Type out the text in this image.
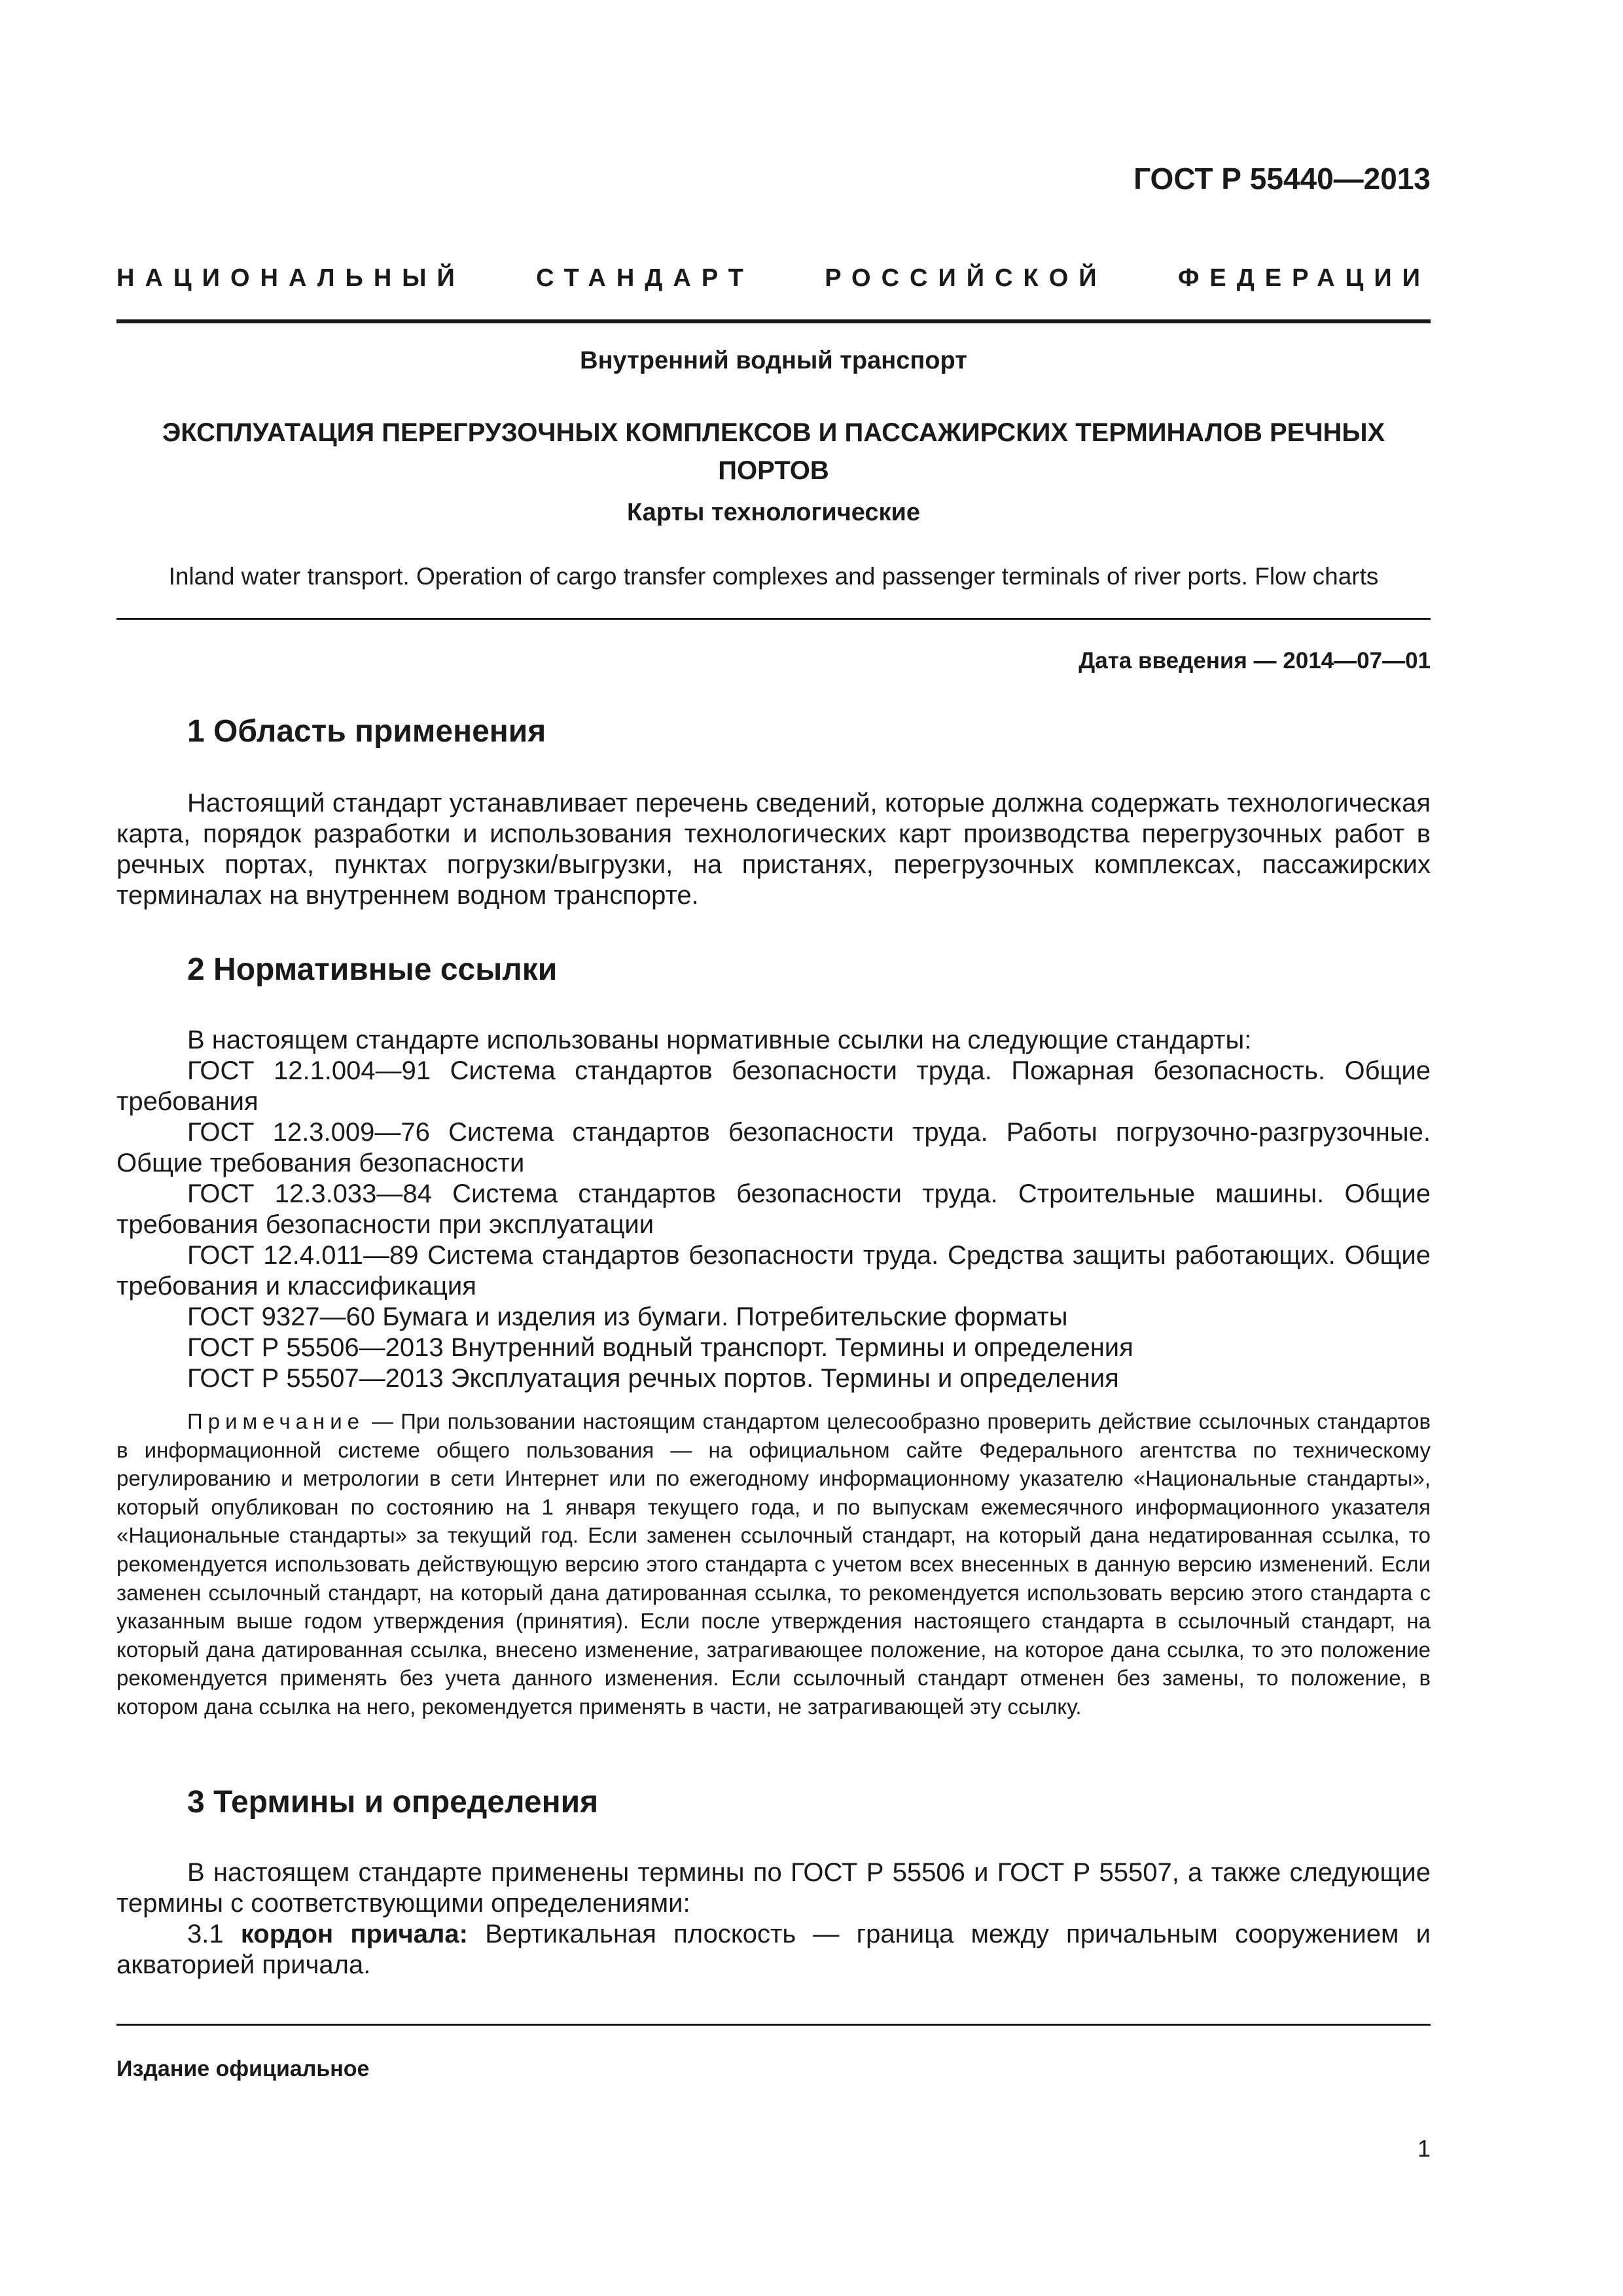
ГОСТ Р 55440—2013
НАЦИОНАЛЬНЫЙ	СТАНДАРТ	РОССИЙСКОЙ	ФЕДЕРАЦИИ
Внутренний водный транспорт
ЭКСПЛУАТАЦИЯ ПЕРЕГРУЗОЧНЫХ КОМПЛЕКСОВ И ПАССАЖИРСКИХ ТЕРМИНАЛОВ РЕЧНЫХ ПОРТОВ
Карты технологические
Inland water transport. Operation of cargo transfer complexes and passenger terminals of river ports. Flow charts
Дата введения — 2014—07—01
1 Область применения
Настоящий стандарт устанавливает перечень сведений, которые должна содержать технологическая карта, порядок разработки и использования технологических карт производства перегрузочных работ в речных портах, пунктах погрузки/выгрузки, на пристанях, перегрузочных комплексах, пассажирских терминалах на внутреннем водном транспорте.
2 Нормативные ссылки
В настоящем стандарте использованы нормативные ссылки на следующие стандарты:
ГОСТ 12.1.004—91 Система стандартов безопасности труда. Пожарная безопасность. Общие требования
ГОСТ 12.3.009—76 Система стандартов безопасности труда. Работы погрузочно-разгрузочные. Общие требования безопасности
ГОСТ 12.3.033—84 Система стандартов безопасности труда. Строительные машины. Общие требования безопасности при эксплуатации
ГОСТ 12.4.011—89 Система стандартов безопасности труда. Средства защиты работающих. Общие требования и классификация
ГОСТ 9327—60 Бумага и изделия из бумаги. Потребительские форматы
ГОСТ Р 55506—2013 Внутренний водный транспорт. Термины и определения
ГОСТ Р 55507—2013 Эксплуатация речных портов. Термины и определения
Примечание — При пользовании настоящим стандартом целесообразно проверить действие ссылочных стандартов в информационной системе общего пользования — на официальном сайте Федерального агентства по техническому регулированию и метрологии в сети Интернет или по ежегодному информационному указателю «Национальные стандарты», который опубликован по состоянию на 1 января текущего года, и по выпускам ежемесячного информационного указателя «Национальные стандарты» за текущий год. Если заменен ссылочный стандарт, на который дана недатированная ссылка, то рекомендуется использовать действующую версию этого стандарта с учетом всех внесенных в данную версию изменений. Если заменен ссылочный стандарт, на который дана датированная ссылка, то рекомендуется использовать версию этого стандарта с указанным выше годом утверждения (принятия). Если после утверждения настоящего стандарта в ссылочный стандарт, на который дана датированная ссылка, внесено изменение, затрагивающее положение, на которое дана ссылка, то это положение рекомендуется применять без учета данного изменения. Если ссылочный стандарт отменен без замены, то положение, в котором дана ссылка на него, рекомендуется применять в части, не затрагивающей эту ссылку.
3 Термины и определения
В настоящем стандарте применены термины по ГОСТ Р 55506 и ГОСТ Р 55507, а также следующие термины с соответствующими определениями:
3.1 кордон причала: Вертикальная плоскость — граница между причальным сооружением и акваторией причала.
Издание официальное
1
